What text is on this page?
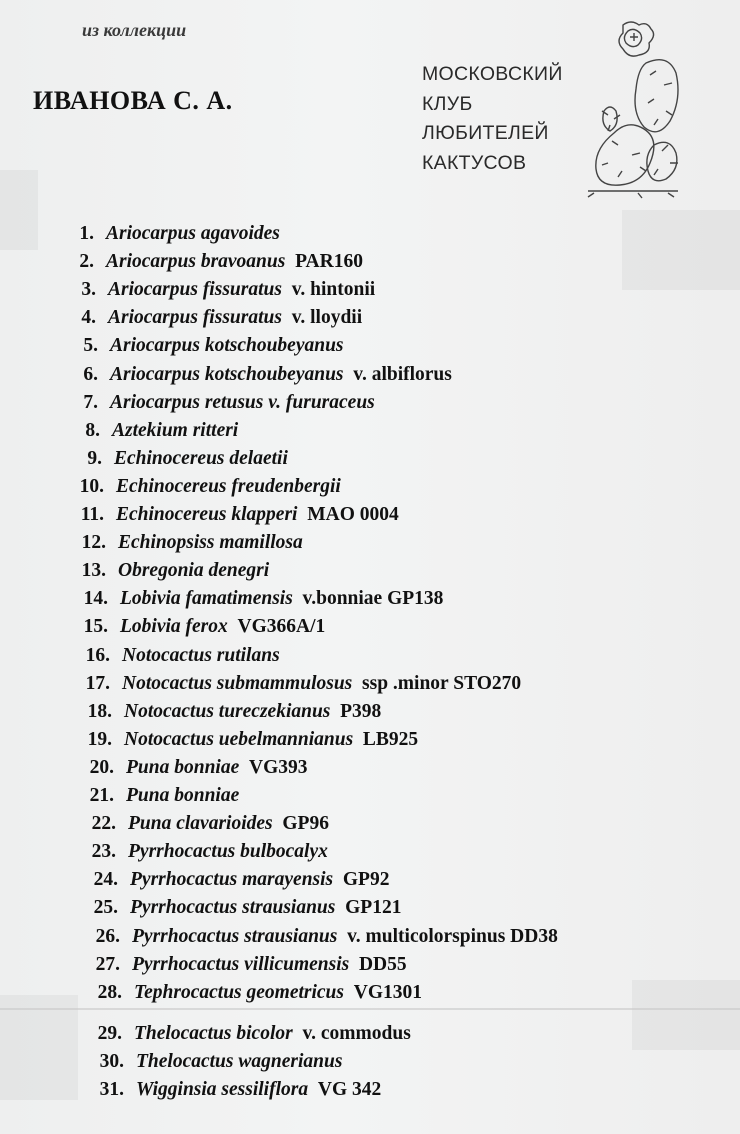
из коллекции
ИВАНОВА С. А.
МОСКОВСКИЙ
КЛУБ
ЛЮБИТЕЛЕЙ
КАКТУСОВ
1. Ariocarpus agavoides
2. Ariocarpus bravoanus PAR160
3. Ariocarpus fissuratus v. hintonii
4. Ariocarpus fissuratus v. lloydii
5. Ariocarpus kotschoubeyanus
6. Ariocarpus kotschoubeyanus v. albiflorus
7. Ariocarpus retusus v. fururaceus
8. Aztekium ritteri
9. Echinocereus delaetii
10. Echinocereus freudenbergii
11. Echinocereus klapperi MAO 0004
12. Echinopsiss mamillosa
13. Obregonia denegri
14. Lobivia famatimensis v.bonniae GP138
15. Lobivia ferox VG366A/1
16. Notocactus rutilans
17. Notocactus submammulosus ssp .minor STO270
18. Notocactus tureczekianus P398
19. Notocactus uebelmannianus LB925
20. Puna bonniae VG393
21. Puna bonniae
22. Puna clavarioides GP96
23. Pyrrhocactus bulbocalyx
24. Pyrrhocactus marayensis GP92
25. Pyrrhocactus strausianus GP121
26. Pyrrhocactus strausianus v. multicolorspinus DD38
27. Pyrrhocactus villicumensis DD55
28. Tephrocactus geometricus VG1301
29. Thelocactus bicolor v. commodus
30. Thelocactus wagnerianus
31. Wigginsia sessiliflora VG 342
